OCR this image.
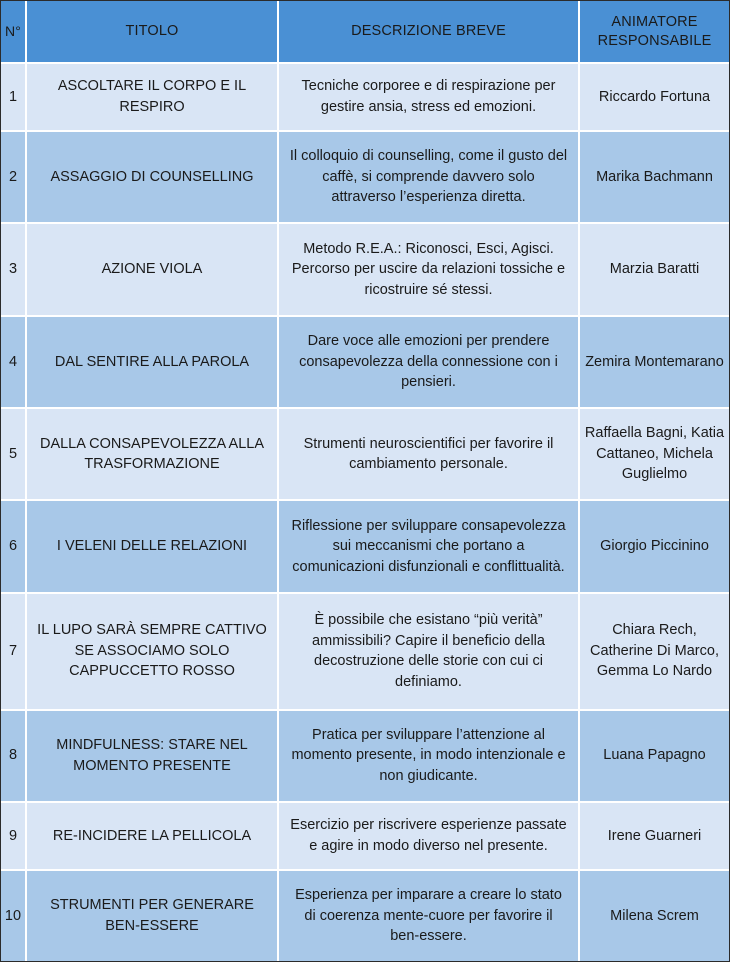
N°	TITOLO	DESCRIZIONE BREVE	ANIMATORE
RESPONSABILE
1	ASCOLTARE IL CORPO E IL RESPIRO	Tecniche corporee e di respirazione per gestire ansia, stress ed emozioni.	Riccardo Fortuna

2	ASSAGGIO DI COUNSELLING	Il colloquio di counselling, come il gusto del caffè, si comprende davvero solo attraverso l’esperienza diretta.	Marika Bachmann

3	AZIONE VIOLA	Metodo R.E.A.: Riconosci, Esci, Agisci. Percorso per uscire da relazioni tossiche e ricostruire sé stessi.	Marzia Baratti

4	DAL SENTIRE ALLA PAROLA	Dare voce alle emozioni per prendere consapevolezza della connessione con i pensieri.	Zemira Montemarano

5	DALLA CONSAPEVOLEZZA ALLA TRASFORMAZIONE	Strumenti neuroscientifici per favorire il cambiamento personale.	Raffaella Bagni, Katia Cattaneo, Michela Guglielmo

6	I VELENI DELLE RELAZIONI	Riflessione per sviluppare consapevolezza sui meccanismi che portano a comunicazioni disfunzionali e conflittualità.	Giorgio Piccinino

7	IL LUPO SARÀ SEMPRE CATTIVO SE ASSOCIAMO SOLO CAPPUCCETTO ROSSO	È possibile che esistano “più verità” ammissibili? Capire il beneficio della decostruzione delle storie con cui ci definiamo.	Chiara Rech, Catherine Di Marco, Gemma Lo Nardo

8	MINDFULNESS: STARE NEL MOMENTO PRESENTE	Pratica per sviluppare l’attenzione al momento presente, in modo intenzionale e non giudicante.	Luana Papagno

9	RE-INCIDERE LA PELLICOLA	Esercizio per riscrivere esperienze passate e agire in modo diverso nel presente.	Irene Guarneri

10	STRUMENTI PER GENERARE BEN-ESSERE	Esperienza per imparare a creare lo stato di coerenza mente-cuore per favorire il ben-essere.	Milena Screm
